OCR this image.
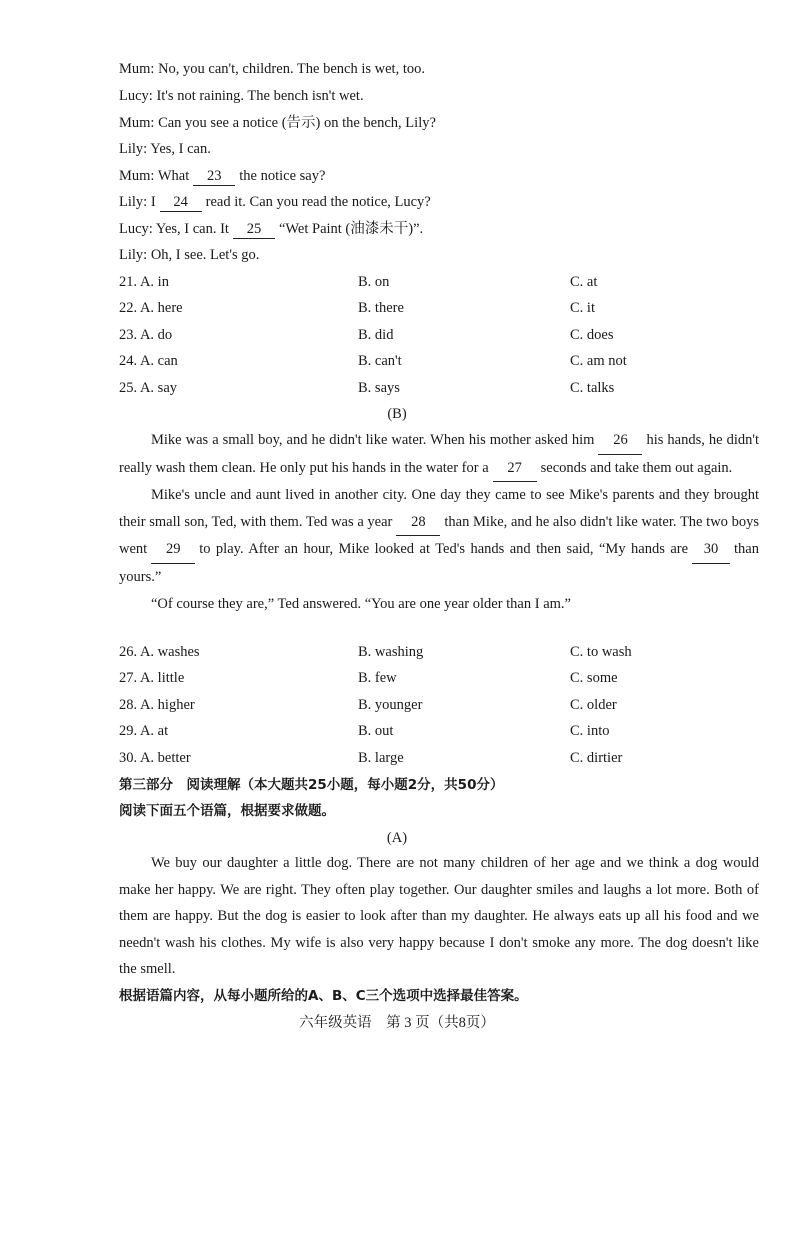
Mum: No, you can't, children. The bench is wet, too.
Lucy: It's not raining. The bench isn't wet.
Mum: Can you see a notice (告示) on the bench, Lily?
Lily: Yes, I can.
Mum: What 23 the notice say?
Lily: I 24 read it. Can you read the notice, Lucy?
Lucy: Yes, I can. It 25 “Wet Paint (油漆未干)”.
Lily: Oh, I see. Let's go.
21. A. in	B. on	C. at
22. A. here	B. there	C. it
23. A. do	B. did	C. does
24. A. can	B. can't	C. am not
25. A. say	B. says	C. talks
(B)
Mike was a small boy, and he didn't like water. When his mother asked him 26 his hands, he didn't really wash them clean. He only put his hands in the water for a 27 seconds and take them out again.
Mike's uncle and aunt lived in another city. One day they came to see Mike's parents and they brought their small son, Ted, with them. Ted was a year 28 than Mike, and he also didn't like water. The two boys went 29 to play. After an hour, Mike looked at Ted's hands and then said, “My hands are 30 than yours.”
“Of course they are,” Ted answered. “You are one year older than I am.”
26. A. washes	B. washing	C. to wash
27. A. little	B. few	C. some
28. A. higher	B. younger	C. older
29. A. at	B. out	C. into
30. A. better	B. large	C. dirtier
第三部分　阅读理解（本大题共25小题，每小题2分，共50分）
阅读下面五个语篇，根据要求做题。
(A)
We buy our daughter a little dog. There are not many children of her age and we think a dog would make her happy. We are right. They often play together. Our daughter smiles and laughs a lot more. Both of them are happy. But the dog is easier to look after than my daughter. He always eats up all his food and we needn't wash his clothes. My wife is also very happy because I don't smoke any more. The dog doesn't like the smell.
根据语篇内容，从每小题所给的A、B、C三个选项中选择最佳答案。
六年级英语　第 3 页（共8页）
